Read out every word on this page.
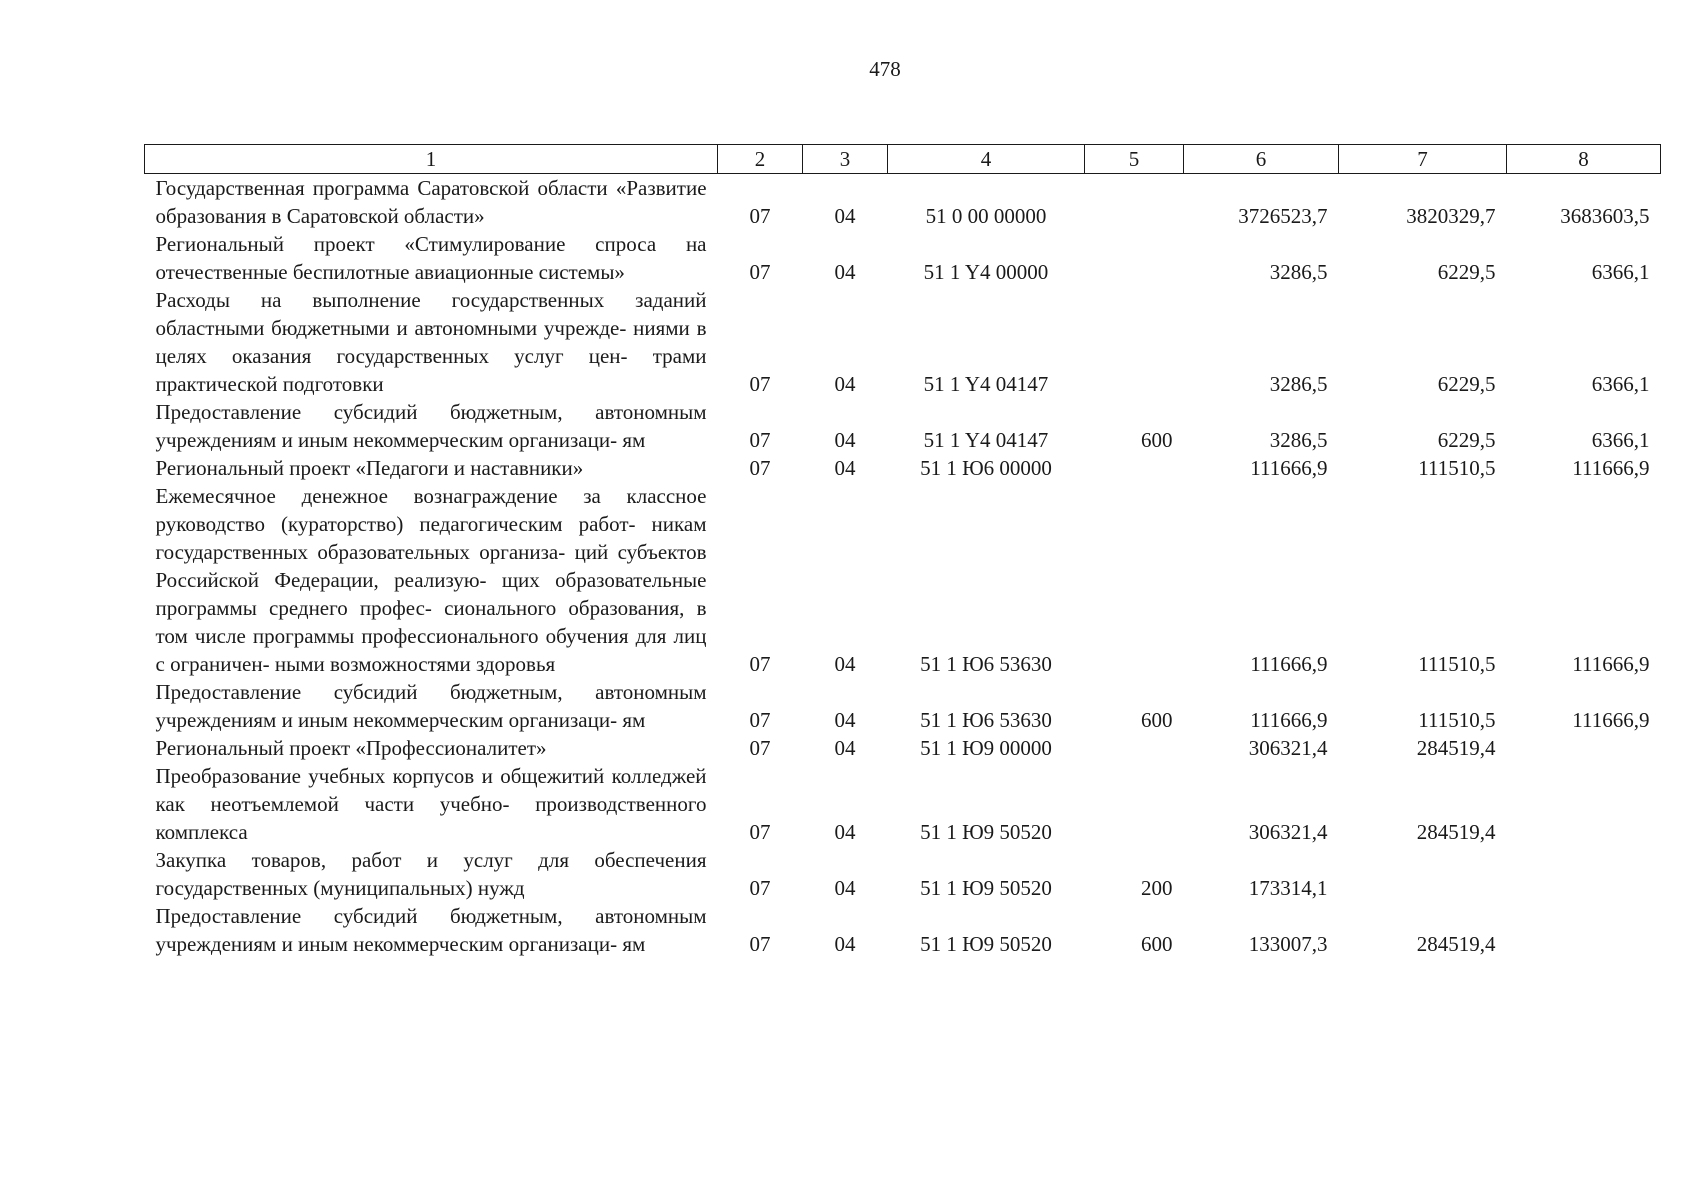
478
1	2	3	4	5	6	7	8
Государственная программа Саратовской области «Развитие образования в Саратовской области»	07	04	51 0 00 00000		3726523,7	3820329,7	3683603,5
Региональный проект «Стимулирование спроса на отечественные беспилотные авиационные системы»	07	04	51 1 Y4 00000		3286,5	6229,5	6366,1
Расходы на выполнение государственных заданий областными бюджетными и автономными учрежде- ниями в целях оказания государственных услуг цен- трами практической подготовки	07	04	51 1 Y4 04147		3286,5	6229,5	6366,1
Предоставление субсидий бюджетным, автономным учреждениям и иным некоммерческим организаци- ям	07	04	51 1 Y4 04147	600	3286,5	6229,5	6366,1
Региональный проект «Педагоги и наставники»	07	04	51 1 Ю6 00000		111666,9	111510,5	111666,9
Ежемесячное денежное вознаграждение за классное руководство (кураторство) педагогическим работ- никам государственных образовательных организа- ций субъектов Российской Федерации, реализую- щих образовательные программы среднего профес- сионального образования, в том числе программы профессионального обучения для лиц с ограничен- ными возможностями здоровья	07	04	51 1 Ю6 53630		111666,9	111510,5	111666,9
Предоставление субсидий бюджетным, автономным учреждениям и иным некоммерческим организаци- ям	07	04	51 1 Ю6 53630	600	111666,9	111510,5	111666,9
Региональный проект «Профессионалитет»	07	04	51 1 Ю9 00000		306321,4	284519,4	
Преобразование учебных корпусов и общежитий колледжей как неотъемлемой части учебно- производственного комплекса	07	04	51 1 Ю9 50520		306321,4	284519,4	
Закупка товаров, работ и услуг для обеспечения государственных (муниципальных) нужд	07	04	51 1 Ю9 50520	200	173314,1		
Предоставление субсидий бюджетным, автономным учреждениям и иным некоммерческим организаци- ям	07	04	51 1 Ю9 50520	600	133007,3	284519,4	
